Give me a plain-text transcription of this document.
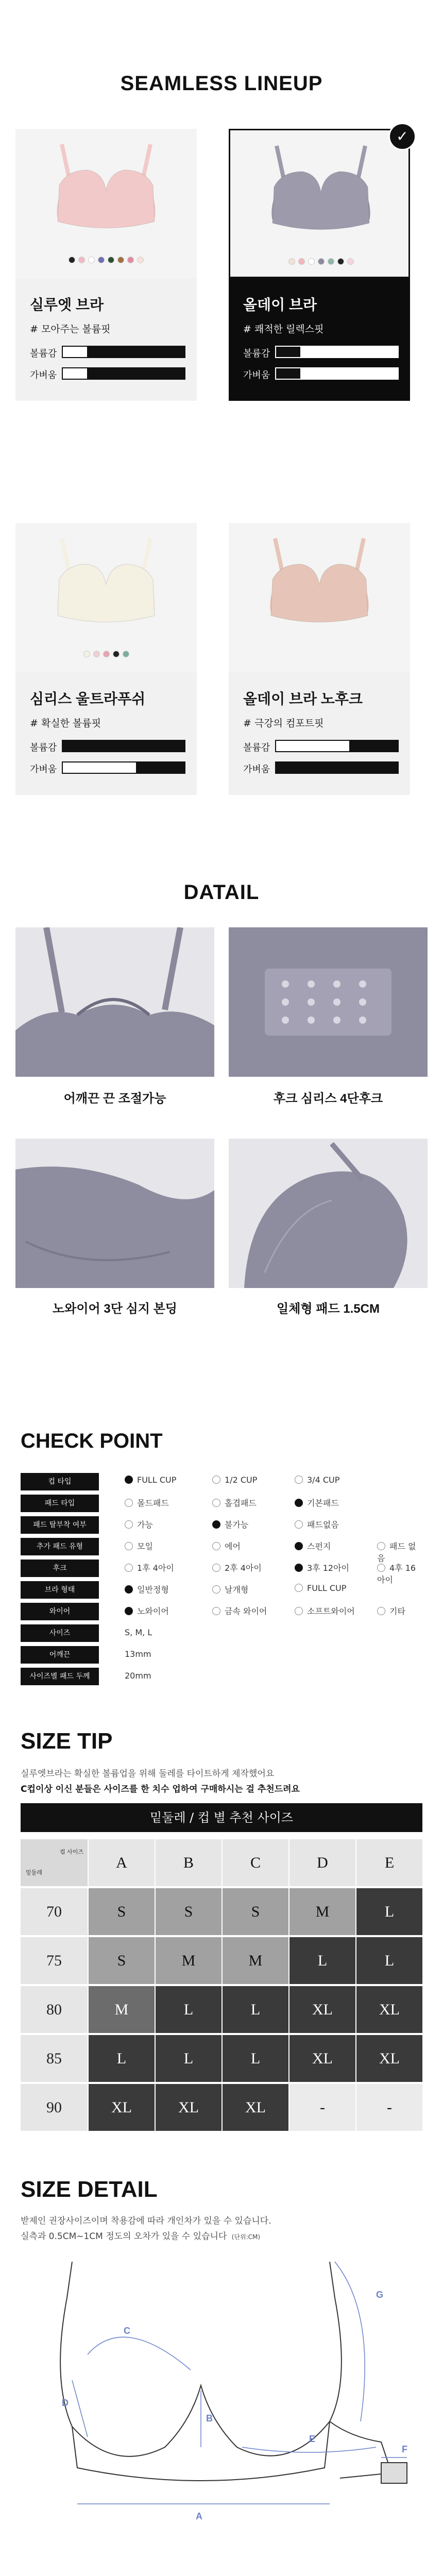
SEAMLESS LINEUP
실루엣 브라
# 모아주는 볼륨핏
볼륨감
가벼움
✓
올데이 브라
# 쾌적한 릴렉스핏
볼륨감
가벼움
심리스 울트라푸쉬
# 확실한 볼륨핏
볼륨감
가벼움
올데이 브라 노후크
# 극강의 컴포트핏
볼륨감
가벼움
DATAIL
어깨끈 끈 조절가능	후크 심리스 4단후크
노와이어 3단 심지 본딩	일체형 패드 1.5CM
CHECK POINT
컵 타입	FULL CUP	1/2 CUP	3/4 CUP
패드 타입	몰드패드	홀겹패드	기본패드
패드 탈부착 여부	가능	불가능	패드없음
추가 패드 유형	모일	에어	스펀지	패드 없음
후크	1후 4아이	2후 4아이	3후 12아이	4후 16아이
브라 형태	일반정형	날개형	FULL CUP
와이어	노와이어	금속 와이어	소프트와이어	기타
사이즈	S, M, L
어깨끈	13mm
사이즈별 패드 두께	20mm
SIZE TIP
실루엣브라는 확실한 볼륨업을 위해 둘레를 타이트하게 제작했어요
C컵이상 이신 분들은 사이즈를 한 치수 업하여 구매하시는 걸 추천드려요
밑둘레 / 컵 별 추천 사이즈
컵 사이즈
밑둘레
A	B	C	D	E
70	S	S	S	M	L
75	S	M	M	L	L
80	M	L	L	XL	XL
85	L	L	L	XL	XL
90	XL	XL	XL	-	-
SIZE DETAIL
받제인 권장사이즈이며 착용감에 따라 개인차가 있을 수 있습니다.
실측과 0.5CM~1CM 정도의 오차가 있을 수 있습니다 (단위:CM)
A
B
C
D
E
F
G
